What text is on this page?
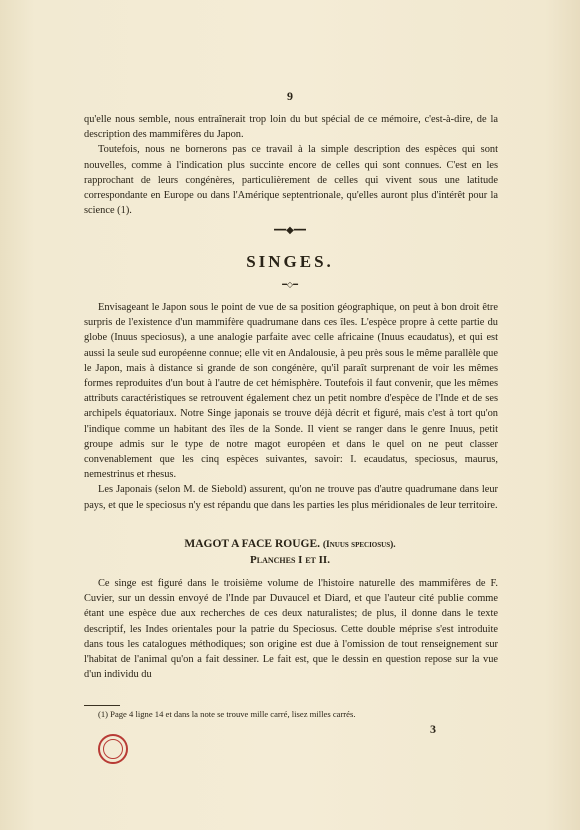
9

qu'elle nous semble, nous entraînerait trop loin du but spécial de ce mémoire, c'est-à-dire, de la description des mammifères du Japon.

Toutefois, nous ne bornerons pas ce travail à la simple description des espèces qui sont nouvelles, comme à l'indication plus succinte encore de celles qui sont connues. C'est en les rapprochant de leurs congénères, particulièrement de celles qui vivent sous une latitude correspondante en Europe ou dans l'Amérique septentrionale, qu'elles auront plus d'intérêt pour la science (1).

━━◆━━
SINGES.
━◇━

Envisageant le Japon sous le point de vue de sa position géographique, on peut à bon droit être surpris de l'existence d'un mammifère quadrumane dans ces îles. L'espèce propre à cette partie du globe (Inuus speciosus), a une analogie parfaite avec celle africaine (Inuus ecaudatus), et qui est aussi la seule sud européenne connue; elle vit en Andalousie, à peu près sous le même parallèle que le Japon, mais à distance si grande de son congénère, qu'il paraît surprenant de voir les mêmes formes reproduites d'un bout à l'autre de cet hémisphère. Toutefois il faut convenir, que les mêmes attributs caractéristiques se retrouvent également chez un petit nombre d'espèce de l'Inde et de ses archipels équatoriaux. Notre Singe japonais se trouve déjà décrit et figuré, mais c'est à tort qu'on l'indique comme un habitant des îles de la Sonde. Il vient se ranger dans le genre Inuus, petit groupe admis sur le type de notre magot européen et dans le quel on ne peut classer convenablement que les cinq espèces suivantes, savoir: I. ecaudatus, speciosus, maurus, nemestrinus et rhesus.

Les Japonais (selon M. de Siebold) assurent, qu'on ne trouve pas d'autre quadrumane dans leur pays, et que le speciosus n'y est répandu que dans les parties les plus méridionales de leur territoire.

MAGOT A FACE ROUGE. (Inuus speciosus).
Planches I et II.

Ce singe est figuré dans le troisième volume de l'histoire naturelle des mammifères de F. Cuvier, sur un dessin envoyé de l'Inde par Duvaucel et Diard, et que l'auteur cité publie comme étant une espèce due aux recherches de ces deux naturalistes; de plus, il donne dans le texte descriptif, les Indes orientales pour la patrie du Speciosus. Cette double méprise s'est introduite dans tous les catalogues méthodiques; son origine est due à l'omission de tout renseignement sur l'habitat de l'animal qu'on a fait dessiner. Le fait est, que le dessin en question repose sur la vue d'un individu du

(1) Page 4 ligne 14 et dans la note se trouve mille carré, lisez milles carrés.
3
